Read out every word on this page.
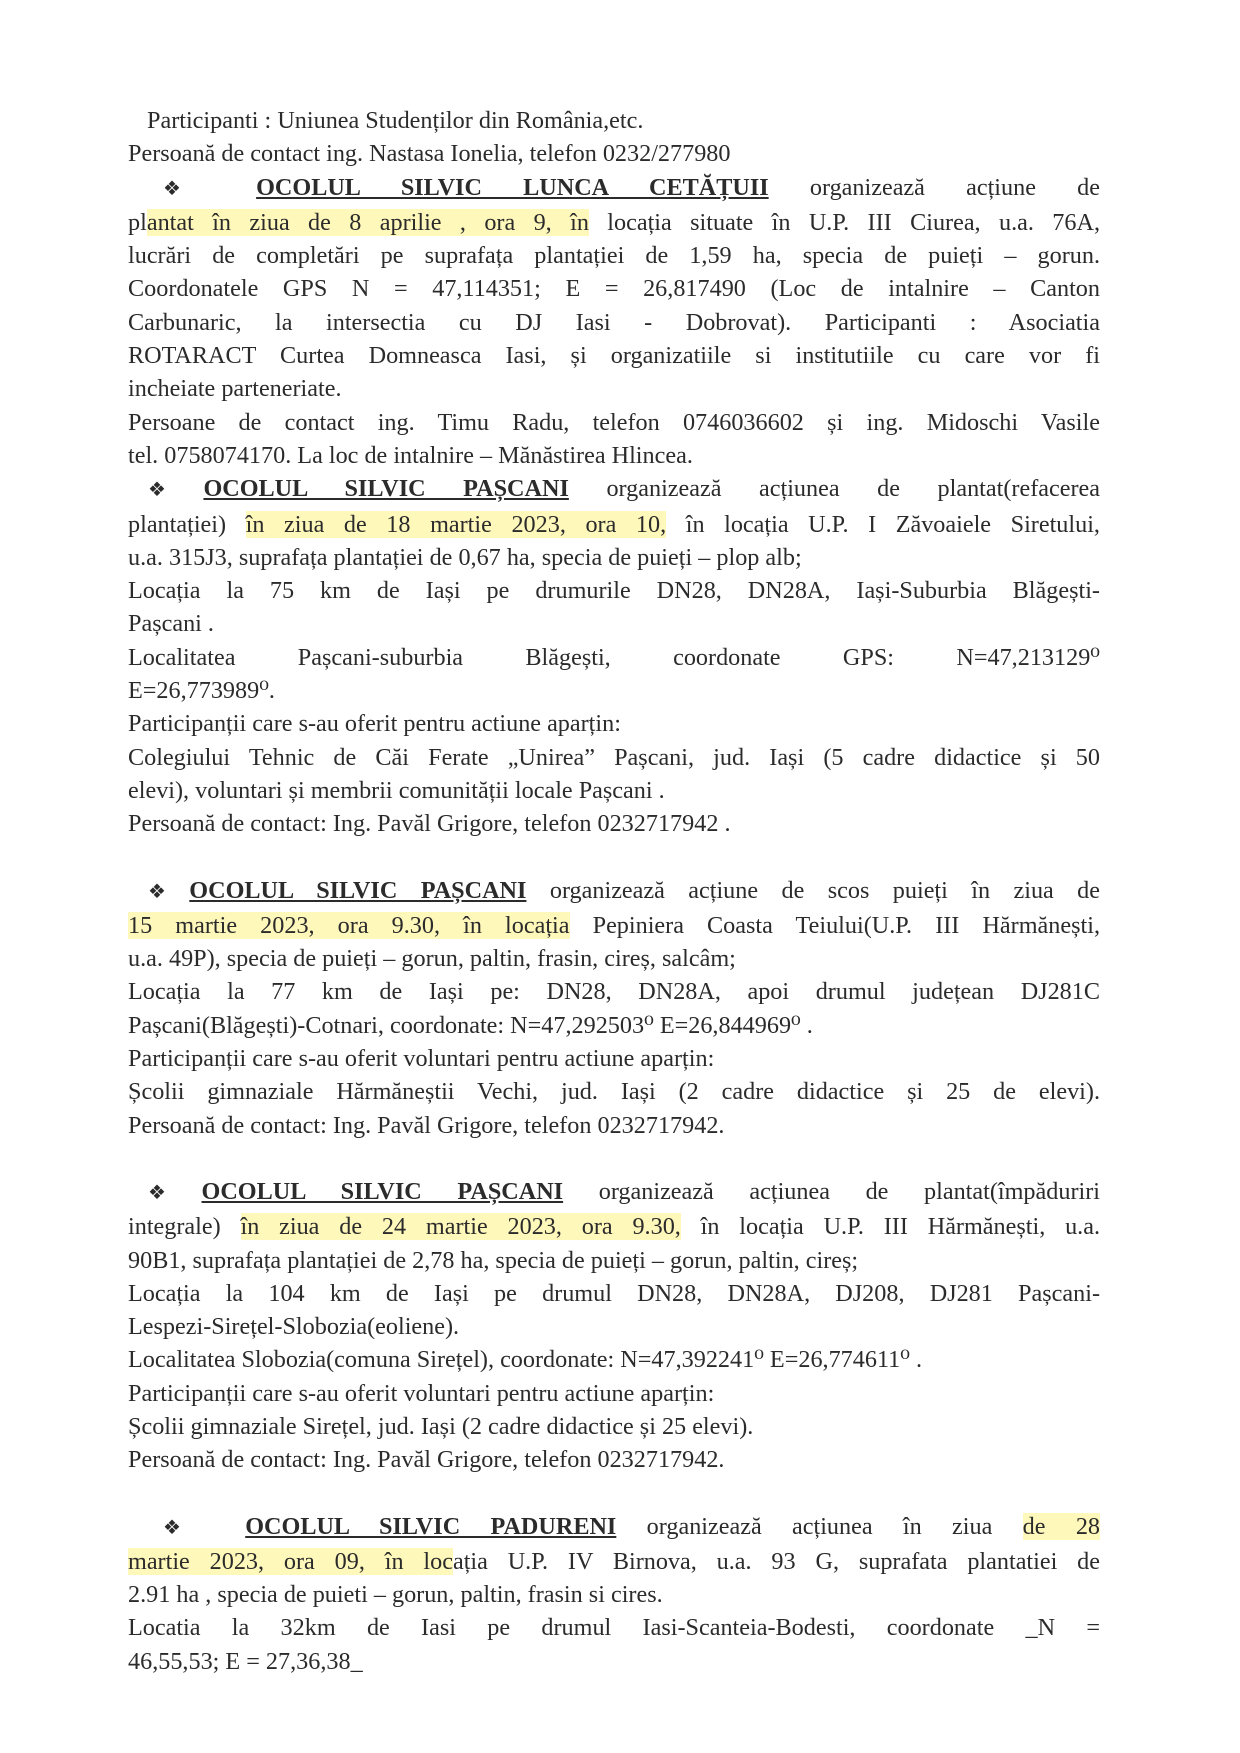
Participanti : Uniunea Studenților din România,etc.
Persoană de contact ing. Nastasa Ionelia, telefon 0232/277980
❖ OCOLUL SILVIC LUNCA CETĂȚUII organizează acțiune de
plantat în ziua de 8 aprilie , ora 9, în locația situate în U.P. III Ciurea, u.a. 76A,
lucrări de completări pe suprafața plantației de 1,59 ha, specia de puieți – gorun.
Coordonatele GPS N = 47,114351; E = 26,817490 (Loc de intalnire – Canton
Carbunaric, la intersectia cu DJ Iasi - Dobrovat). Participanti : Asociatia
ROTARACT Curtea Domneasca Iasi, și organizatiile si institutiile cu care vor fi
incheiate parteneriate.
Persoane de contact ing. Timu Radu, telefon 0746036602 și ing. Midoschi Vasile
tel. 0758074170. La loc de intalnire – Mănăstirea Hlincea.
❖ OCOLUL SILVIC PAȘCANI organizează acțiunea de plantat(refacerea
plantației) în ziua de 18 martie 2023, ora 10, în locația U.P. I Zăvoaiele Siretului,
u.a. 315J3, suprafața plantației de 0,67 ha, specia de puieți – plop alb;
Locația la 75 km de Iași pe drumurile DN28, DN28A, Iași-Suburbia Blăgești-
Pașcani .
Localitatea Pașcani-suburbia Blăgești, coordonate GPS: N=47,213129⁰
E=26,773989⁰.
Participanții care s-au oferit pentru actiune aparțin:
Colegiului Tehnic de Căi Ferate „Unirea” Pașcani, jud. Iași (5 cadre didactice și 50
elevi), voluntari și membrii comunității locale Pașcani .
Persoană de contact: Ing. Pavăl Grigore, telefon 0232717942 .
❖ OCOLUL SILVIC PAȘCANI organizează acțiune de scos puieți în ziua de
15 martie 2023, ora 9.30, în locația Pepiniera Coasta Teiului(U.P. III Hărmănești,
u.a. 49P), specia de puieți – gorun, paltin, frasin, cireș, salcâm;
Locația la 77 km de Iași pe: DN28, DN28A, apoi drumul județean DJ281C
Pașcani(Blăgești)-Cotnari, coordonate: N=47,292503⁰ E=26,844969⁰ .
Participanții care s-au oferit voluntari pentru actiune aparțin:
Școlii gimnaziale Hărmăneștii Vechi, jud. Iași (2 cadre didactice și 25 de elevi).
Persoană de contact: Ing. Pavăl Grigore, telefon 0232717942.
❖ OCOLUL SILVIC PAȘCANI organizează acțiunea de plantat(împăduriri
integrale) în ziua de 24 martie 2023, ora 9.30, în locația U.P. III Hărmănești, u.a.
90B1, suprafața plantației de 2,78 ha, specia de puieți – gorun, paltin, cireș;
Locația la 104 km de Iași pe drumul DN28, DN28A, DJ208, DJ281 Pașcani-
Lespezi-Sirețel-Slobozia(eoliene).
Localitatea Slobozia(comuna Sirețel), coordonate: N=47,392241⁰ E=26,774611⁰ .
Participanții care s-au oferit voluntari pentru actiune aparțin:
Școlii gimnaziale Sirețel, jud. Iași (2 cadre didactice și 25 elevi).
Persoană de contact: Ing. Pavăl Grigore, telefon 0232717942.
❖ OCOLUL SILVIC PADURENI organizează acțiunea în ziua de 28
martie 2023, ora 09, în locația U.P. IV Birnova, u.a. 93 G, suprafata plantatiei de
2.91 ha , specia de puieti – gorun, paltin, frasin si cires.
Locatia la 32km de Iasi pe drumul Iasi-Scanteia-Bodesti, coordonate _N =
46,55,53; E = 27,36,38_
